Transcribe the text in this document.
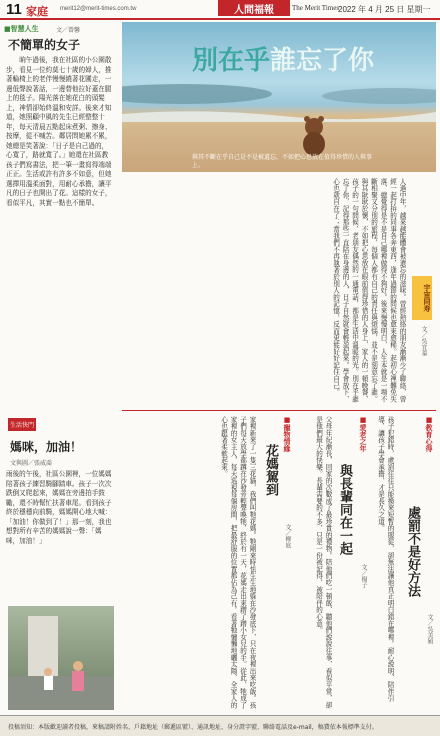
11 家庭 merit12@merit-times.com.tw	人間福報	The Merit Times
2022 年 4 月 25 日 星期一
■智慧人生	文／曾馨
不簡單的女子
晌午過後，我在社區的小公園散步，看見一位約莫七十歲的婦人，推著輪椅上的老伴慢慢繞著花圃走，一邊低聲說著話，一邊替他拉好蓋在腿上的毯子。陽光落在她花白的頭髮上，神情卻始終溫和安詳。後來才知道，她照顧中風的先生已經整整十年，每天清晨五點起床煮粥、擦身、按摩，從不喊苦。鄰居問她累不累，她總是笑著說：「日子是自己過的，心寬了，路就寬了。」她還在社區教孩子們寫書法，把一筆一畫寫得端端正正。生活或許有許多不如意，但她選擇用溫柔面對，用耐心承擔，讓平凡的日子也開出了花。這樣的女子，看似平凡，其實一點也不簡單。
別在乎誰忘了你
與其不斷在乎自己是不是被遺忘，不如把心思放在值得珍惜的人與事上。
宇宙同寿
文／吳宜蓁
人過中年，越來越能體會被遺忘的滋味。曾經熱絡的朋友漸漸少了聯絡，曾經一起打拚的同事各奔東西，逢年過節的問候也愈來愈稀。起初心裡難免失落，總覺得是不是自己哪裡做得不夠好。後來慢慢明白，人生本就是一場不斷相聚又分別的旅程，每個人都有自己的責任與煩惱，並不是刻意忘了誰。與其耿耿於懷，不如把心思放在眼前值得珍惜的人身上，家人的一頓晚餐、孩子的一句問候、老朋友偶然的一通電話，都是生活中溫暖的光。別在乎誰忘了你，記得那些一直陪在身邊的人，日子自然就會輕盈起來。學會放下，心也就自在了；當我們不再執著於別人的記憶，反而更能好好記住自己。
生活快門
媽咪，加油！
文與圖／張威喬
雨後的午後，社區公園裡，一位媽媽陪著孩子練習騎腳踏車。孩子一次次跌倒又爬起來，媽媽在旁邊拍手鼓勵，還不時幫忙扶著車尾。看到孩子終於穩穩向前騎，媽媽開心地大喊：「加油！你做到了！」那一刻，我也想對所有辛苦的媽媽說一聲：「媽咪，加油！」
■教育心得
處罰不是好方法
文／吳美穎
孩子犯錯時，處罰往往只能換來短暫的服從，卻無法讓他真正明白錯在哪裡。耐心說明、陪伴引導，讓孩子學會承擔，才是長久之道。
■愛老之年
與長輩同在一起
文／楊子
父母年紀漸長，回家的次數成了最珍貴的禮物。陪他們吃一頓飯、聽他們說說往事，看似平常，卻是他們最大的快樂。長輩需要的不多，只是一份被記得、被陪伴的心意。
■寵物情緣
花媽駕到
文／柳庭
家裡新來了一隻三花貓，我們叫牠花媽。牠剛來時怯生生地躲在沙發底下，只在夜裡出來吃飯。孩子們每天放學都蹲在沙發旁輕聲喚牠，終於有一天，花媽走出來蹭了蹭小女兒的手。從此，牠成了家裡的女主人，每天巡視每個房間，把最舒服的位置都佔為己有。看著牠慵懶地曬太陽，全家人的心也跟著柔軟起來。
投稿須知：本版歡迎讀者投稿，來稿請附姓名、戶籍地址（郵遞區號）、通訊地址、身分證字號、聯絡電話及e-mail，稿費依本報標準支付。
